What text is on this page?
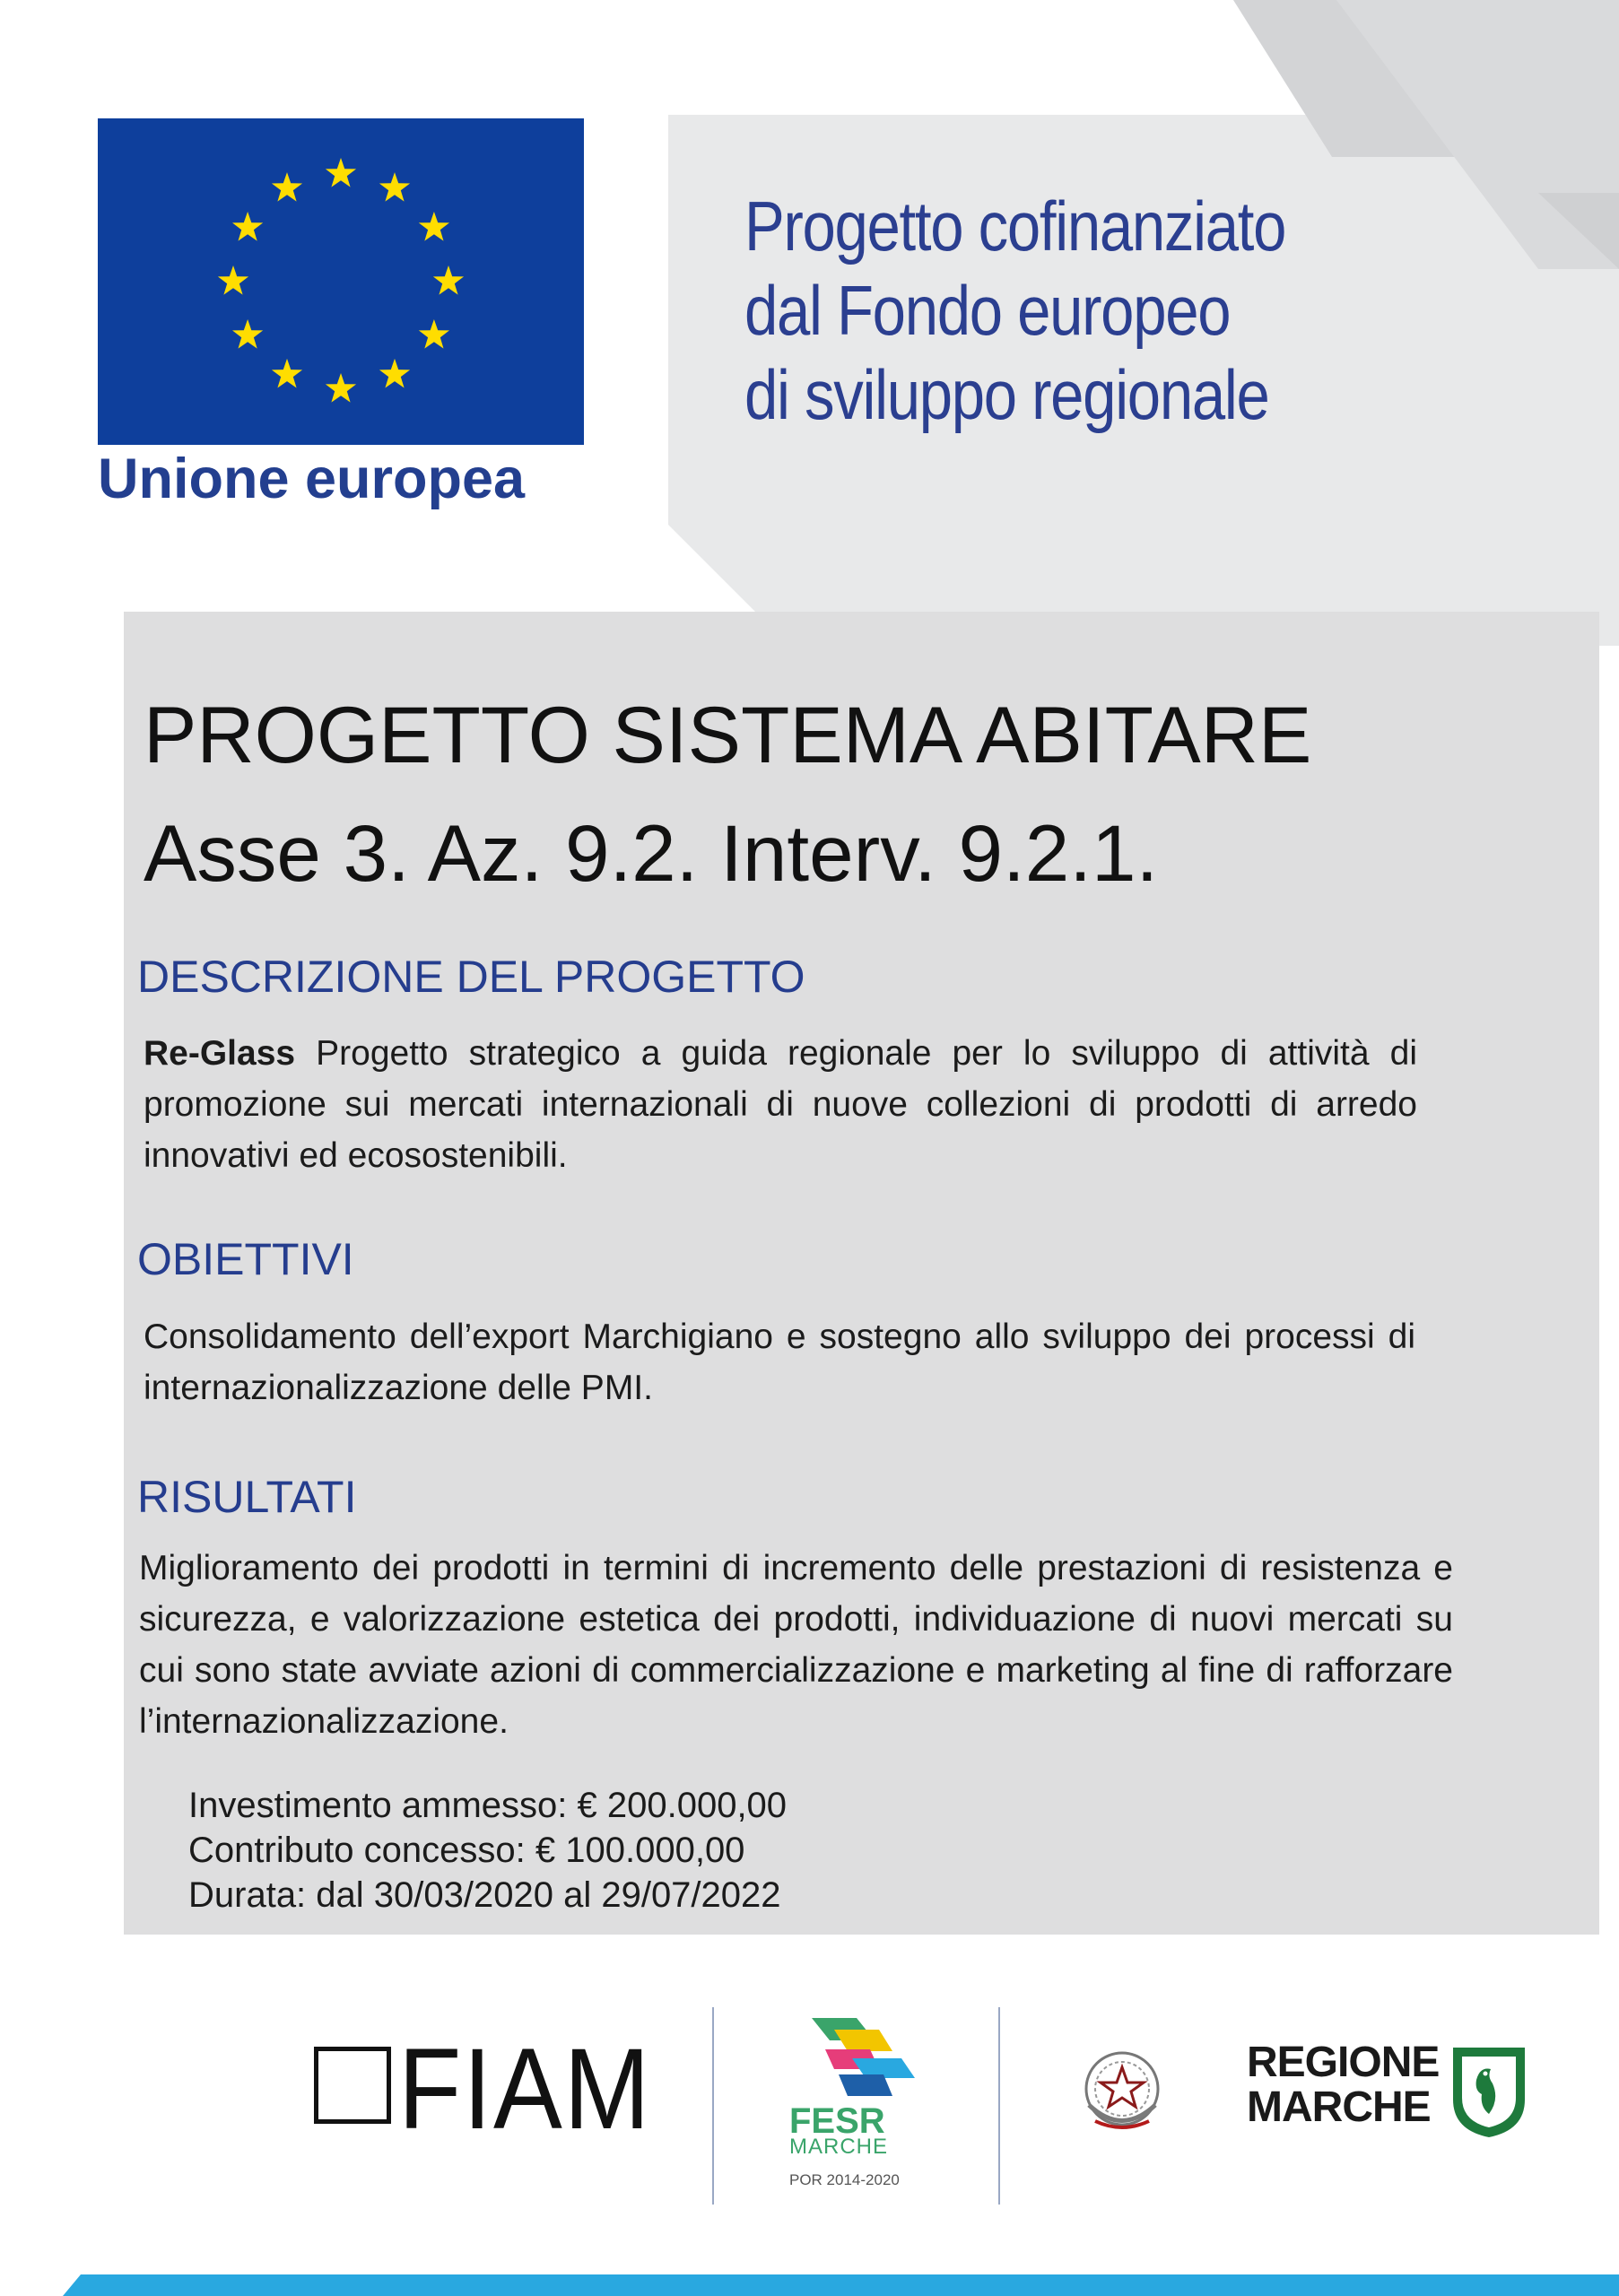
Unione europea
Progetto cofinanziato
dal Fondo europeo
di sviluppo regionale
PROGETTO SISTEMA ABITARE
Asse 3. Az. 9.2. Interv. 9.2.1.
DESCRIZIONE DEL PROGETTO
Re-Glass Progetto strategico a guida regionale per lo sviluppo di attività di promozione sui mercati internazionali di nuove collezioni di prodotti di arredo innovativi ed ecosostenibili.
OBIETTIVI
Consolidamento dell’export Marchigiano e sostegno allo sviluppo dei processi di internazionalizzazione delle PMI.
RISULTATI
Miglioramento dei prodotti in termini di incremento delle prestazioni di resistenza e sicurezza, e valorizzazione estetica dei prodotti, individuazione di nuovi mercati su cui sono state avviate azioni di commercializzazione e marketing al fine di rafforzare l’internazionalizzazione.
Investimento ammesso: € 200.000,00
Contributo concesso: € 100.000,00
Durata: dal 30/03/2020 al 29/07/2022
FIAM	FESR
MARCHE
POR 2014-2020
REGIONE
MARCHE
